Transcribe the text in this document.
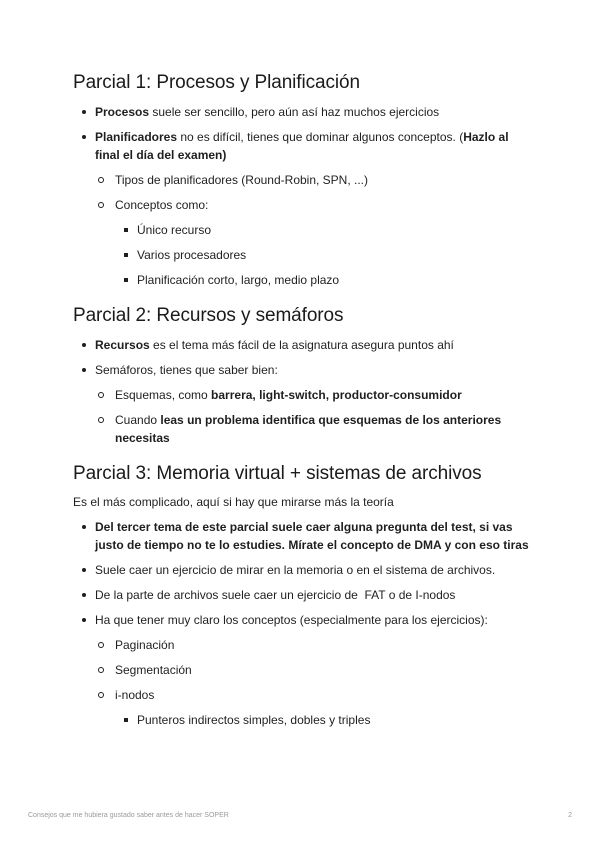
Parcial 1: Procesos y Planificación
Procesos suele ser sencillo, pero aún así haz muchos ejercicios
Planificadores no es difícil, tienes que dominar algunos conceptos. (Hazlo al final el día del examen)
Tipos de planificadores (Round-Robin, SPN, ...)
Conceptos como:
Único recurso
Varios procesadores
Planificación corto, largo, medio plazo
Parcial 2: Recursos y semáforos
Recursos es el tema más fácil de la asignatura asegura puntos ahí
Semáforos, tienes que saber bien:
Esquemas, como barrera, light-switch, productor-consumidor
Cuando leas un problema identifica que esquemas de los anteriores necesitas
Parcial 3: Memoria virtual + sistemas de archivos

Es el más complicado, aquí si hay que mirarse más la teoría

Del tercer tema de este parcial suele caer alguna pregunta del test, si vas justo de tiempo no te lo estudies. Mírate el concepto de DMA y con eso tiras
Suele caer un ejercicio de mirar en la memoria o en el sistema de archivos.
De la parte de archivos suele caer un ejercicio de  FAT o de I-nodos
Ha que tener muy claro los conceptos (especialmente para los ejercicios):
Paginación
Segmentación
i-nodos
Punteros indirectos simples, dobles y triples
Consejos que me hubiera gustado saber antes de hacer SOPER	2
